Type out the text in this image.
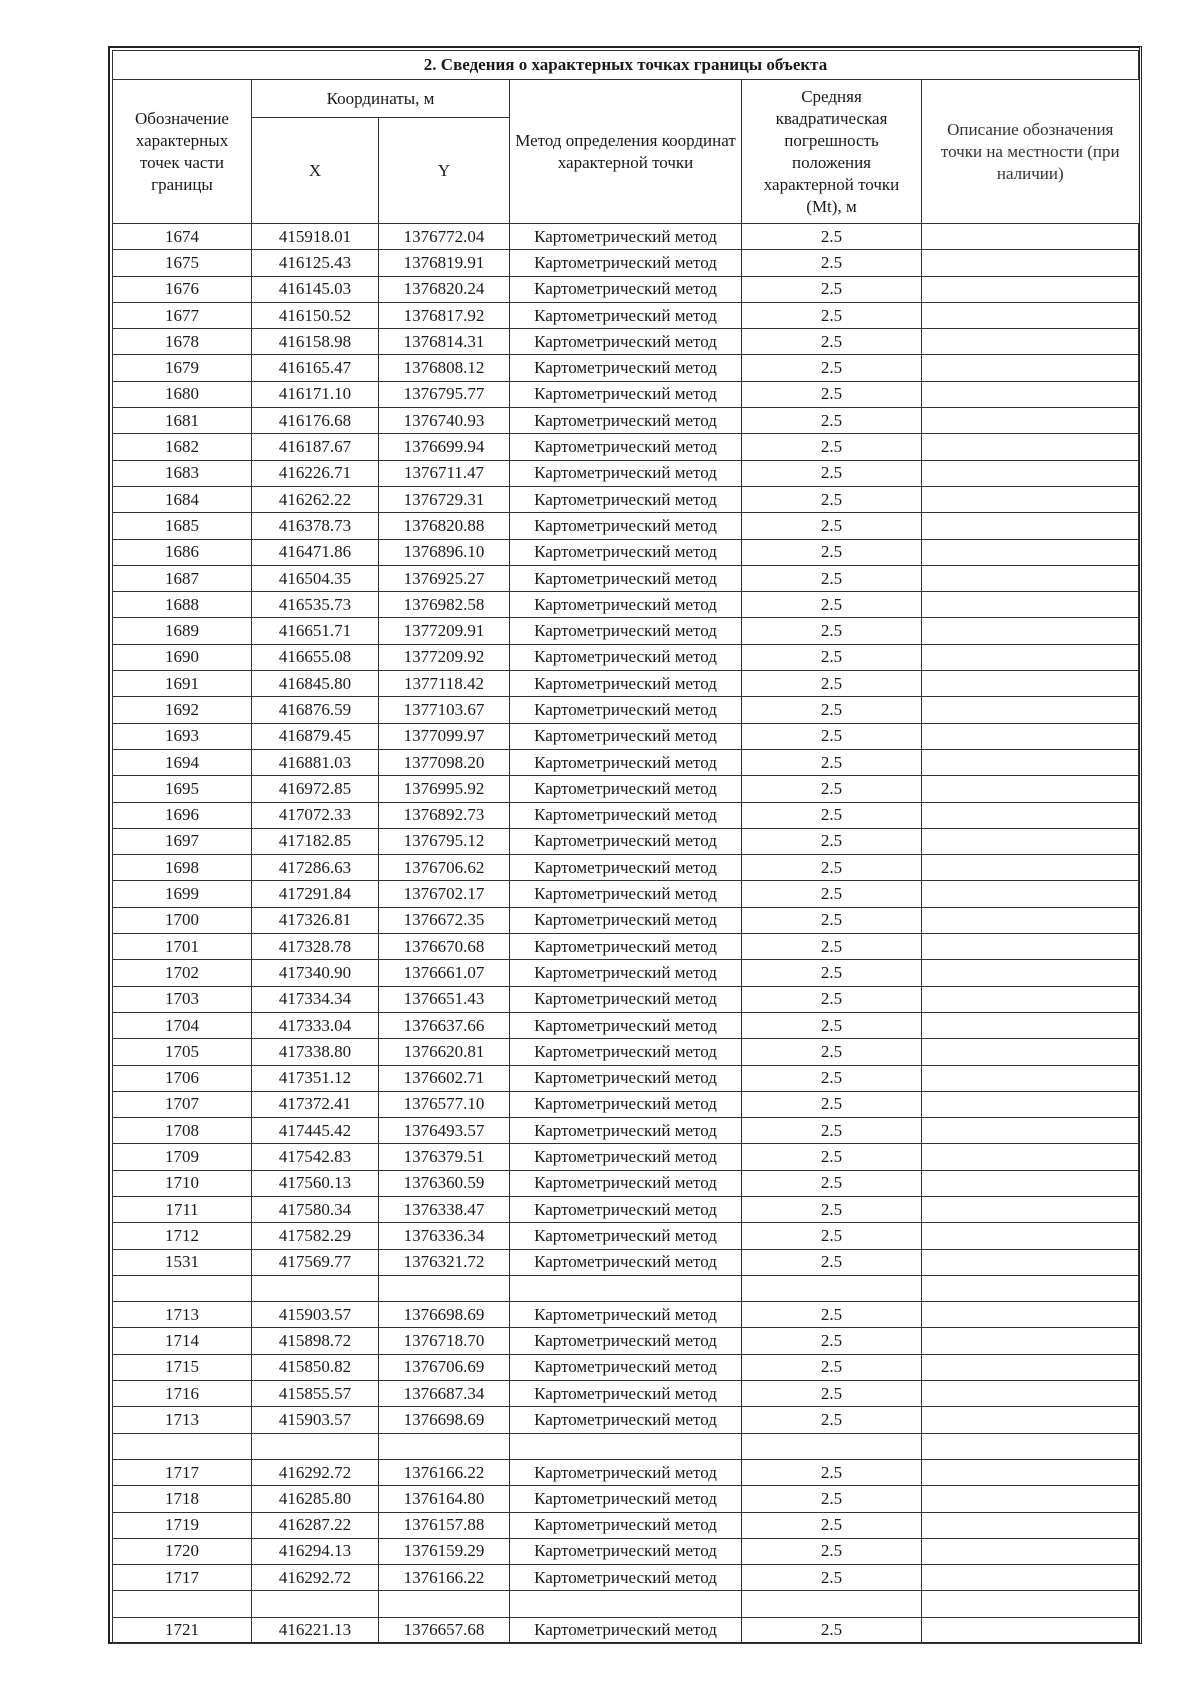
2. Сведения о характерных точках границы объекта					
Обозначение характерных точек части границы	Координаты, м		Метод определения координат характерной точки	Средняя квадратическая погрешность положения характерной точки (Mt), м	Описание обозначения точки на местности (при наличии)
	X	Y			
1674	415918.01	1376772.04	Картометрический метод	2.5	
1675	416125.43	1376819.91	Картометрический метод	2.5	
1676	416145.03	1376820.24	Картометрический метод	2.5	
1677	416150.52	1376817.92	Картометрический метод	2.5	
1678	416158.98	1376814.31	Картометрический метод	2.5	
1679	416165.47	1376808.12	Картометрический метод	2.5	
1680	416171.10	1376795.77	Картометрический метод	2.5	
1681	416176.68	1376740.93	Картометрический метод	2.5	
1682	416187.67	1376699.94	Картометрический метод	2.5	
1683	416226.71	1376711.47	Картометрический метод	2.5	
1684	416262.22	1376729.31	Картометрический метод	2.5	
1685	416378.73	1376820.88	Картометрический метод	2.5	
1686	416471.86	1376896.10	Картометрический метод	2.5	
1687	416504.35	1376925.27	Картометрический метод	2.5	
1688	416535.73	1376982.58	Картометрический метод	2.5	
1689	416651.71	1377209.91	Картометрический метод	2.5	
1690	416655.08	1377209.92	Картометрический метод	2.5	
1691	416845.80	1377118.42	Картометрический метод	2.5	
1692	416876.59	1377103.67	Картометрический метод	2.5	
1693	416879.45	1377099.97	Картометрический метод	2.5	
1694	416881.03	1377098.20	Картометрический метод	2.5	
1695	416972.85	1376995.92	Картометрический метод	2.5	
1696	417072.33	1376892.73	Картометрический метод	2.5	
1697	417182.85	1376795.12	Картометрический метод	2.5	
1698	417286.63	1376706.62	Картометрический метод	2.5	
1699	417291.84	1376702.17	Картометрический метод	2.5	
1700	417326.81	1376672.35	Картометрический метод	2.5	
1701	417328.78	1376670.68	Картометрический метод	2.5	
1702	417340.90	1376661.07	Картометрический метод	2.5	
1703	417334.34	1376651.43	Картометрический метод	2.5	
1704	417333.04	1376637.66	Картометрический метод	2.5	
1705	417338.80	1376620.81	Картометрический метод	2.5	
1706	417351.12	1376602.71	Картометрический метод	2.5	
1707	417372.41	1376577.10	Картометрический метод	2.5	
1708	417445.42	1376493.57	Картометрический метод	2.5	
1709	417542.83	1376379.51	Картометрический метод	2.5	
1710	417560.13	1376360.59	Картометрический метод	2.5	
1711	417580.34	1376338.47	Картометрический метод	2.5	
1712	417582.29	1376336.34	Картометрический метод	2.5	
1531	417569.77	1376321.72	Картометрический метод	2.5	

1713	415903.57	1376698.69	Картометрический метод	2.5	
1714	415898.72	1376718.70	Картометрический метод	2.5	
1715	415850.82	1376706.69	Картометрический метод	2.5	
1716	415855.57	1376687.34	Картометрический метод	2.5	
1713	415903.57	1376698.69	Картометрический метод	2.5	

1717	416292.72	1376166.22	Картометрический метод	2.5	
1718	416285.80	1376164.80	Картометрический метод	2.5	
1719	416287.22	1376157.88	Картометрический метод	2.5	
1720	416294.13	1376159.29	Картометрический метод	2.5	
1717	416292.72	1376166.22	Картометрический метод	2.5	

1721	416221.13	1376657.68	Картометрический метод	2.5	
